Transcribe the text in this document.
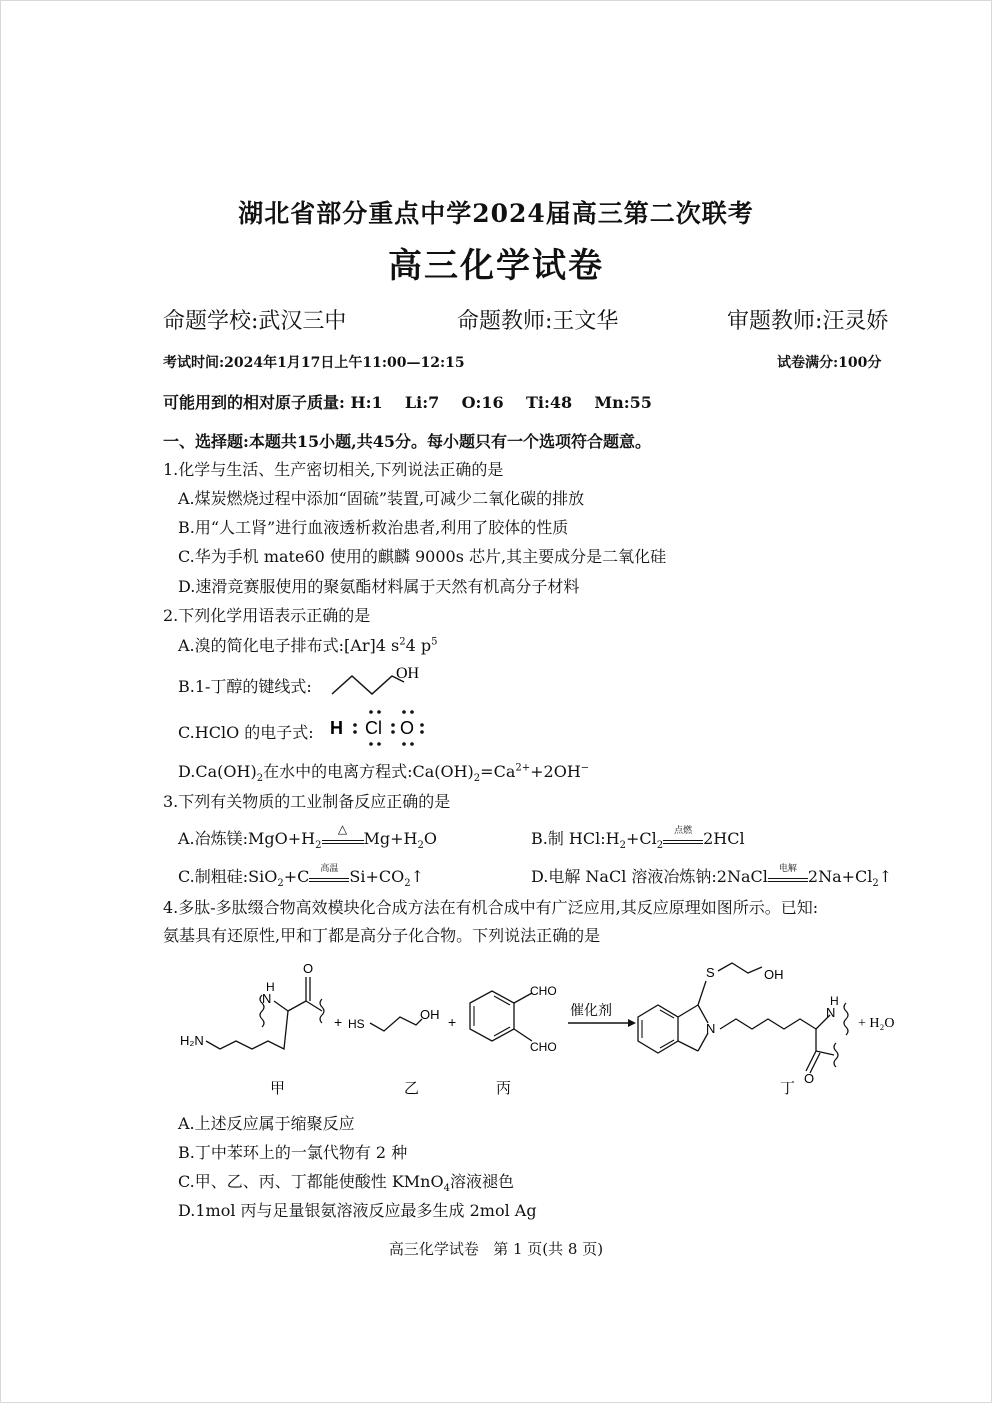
湖北省部分重点中学2024届高三第二次联考
高三化学试卷
命题学校:武汉三中	命题教师:王文华	审题教师:汪灵娇
考试时间:2024年1月17日上午11:00—12:15	试卷满分:100分
可能用到的相对原子质量: H:1    Li:7    O:16    Ti:48    Mn:55
一、选择题:本题共15小题,共45分。每小题只有一个选项符合题意。
1.化学与生活、生产密切相关,下列说法正确的是
A.煤炭燃烧过程中添加“固硫”装置,可减少二氧化碳的排放
B.用“人工肾”进行血液透析救治患者,利用了胶体的性质
C.华为手机 mate60 使用的麒麟 9000s 芯片,其主要成分是二氧化硅
D.速滑竞赛服使用的聚氨酯材料属于天然有机高分子材料
2.下列化学用语表示正确的是
A.溴的简化电子排布式:[Ar]4 $s^24$ $p^5$
B.1-丁醇的键线式:
OH
C.HClO 的电子式: H Cl O
$D.Ca(OH)_2$在水中的电离方程式$:Ca(OH)_2=Ca^{2+}+2OH^-$
3.下列有关物质的工业制备反应正确的是
A.冶炼镁$:MgO+H_2$
△	$Mg+H_2O$	B.制 $HCl:H_2+Cl_2$
点燃 2HCl
C.制粗硅:SiO$_2$+C	高温 $Si+CO_2↑$	D.电解 NaCl 溶液冶炼钠:2NaCl	电解 $2Na+Cl_2↑$
4.多肽-多肽缀合物高效模块化合成方法在有机合成中有广泛应用,其反应原理如图所示。已知:
氨基具有还原性,甲和丁都是高分子化合物。下列说法正确的是
H₂N
H
N
O
甲
+ HS
OH
乙
+
CHO
CHO
丙
催化剂
N
S	OH
H
N
O
丁
+ H₂O
A.上述反应属于缩聚反应
B.丁中苯环上的一氯代物有 2 种
C.甲、乙、丙、丁都能使酸性 KMnO$_4$溶液褪色
D.1mol 丙与足量银氨溶液反应最多生成 2mol Ag
高三化学试卷   第 1 页(共 8 页)
